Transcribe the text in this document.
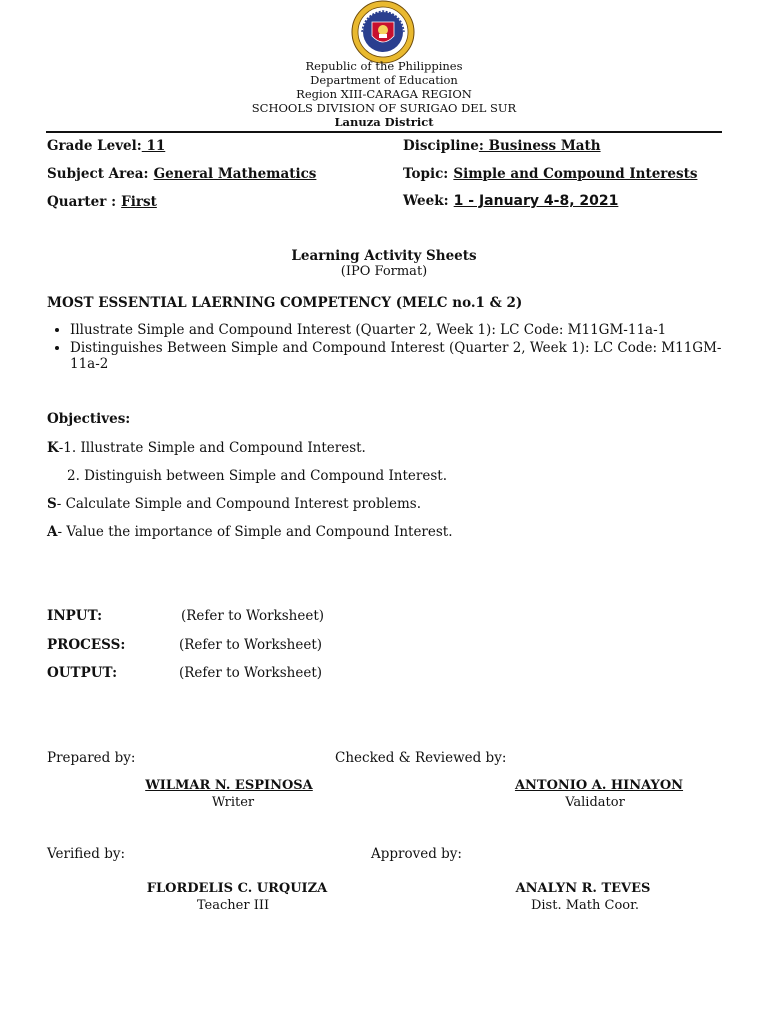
Republic of the Philippines
Department of Education
Region XIII-CARAGA REGION
SCHOOLS DIVISION OF SURIGAO DEL SUR
Lanuza District
Grade Level: 11	Discipline: Business Math
Subject Area: General Mathematics	Topic: Simple and Compound Interests
Quarter : First	Week: 1 - January 4-8, 2021
Learning Activity Sheets
(IPO Format)
MOST ESSENTIAL LAERNING COMPETENCY (MELC no.1 & 2)
• Illustrate Simple and Compound Interest (Quarter 2, Week 1): LC Code: M11GM-11a-1
• Distinguishes Between Simple and Compound Interest (Quarter 2, Week 1): LC Code: M11GM-11a-2
Objectives:
K-1. Illustrate Simple and Compound Interest.
2. Distinguish between Simple and Compound Interest.
S- Calculate Simple and Compound Interest problems.
A- Value the importance of Simple and Compound Interest.
INPUT:	(Refer to Worksheet)
PROCESS:	(Refer to Worksheet)
OUTPUT:	(Refer to Worksheet)
Prepared by:	Checked & Reviewed by:
WILMAR N. ESPINOSA
Writer
ANTONIO A. HINAYON
Validator
Verified by:	Approved by:
FLORDELIS C. URQUIZA
Teacher III
ANALYN R. TEVES
Dist. Math Coor.
